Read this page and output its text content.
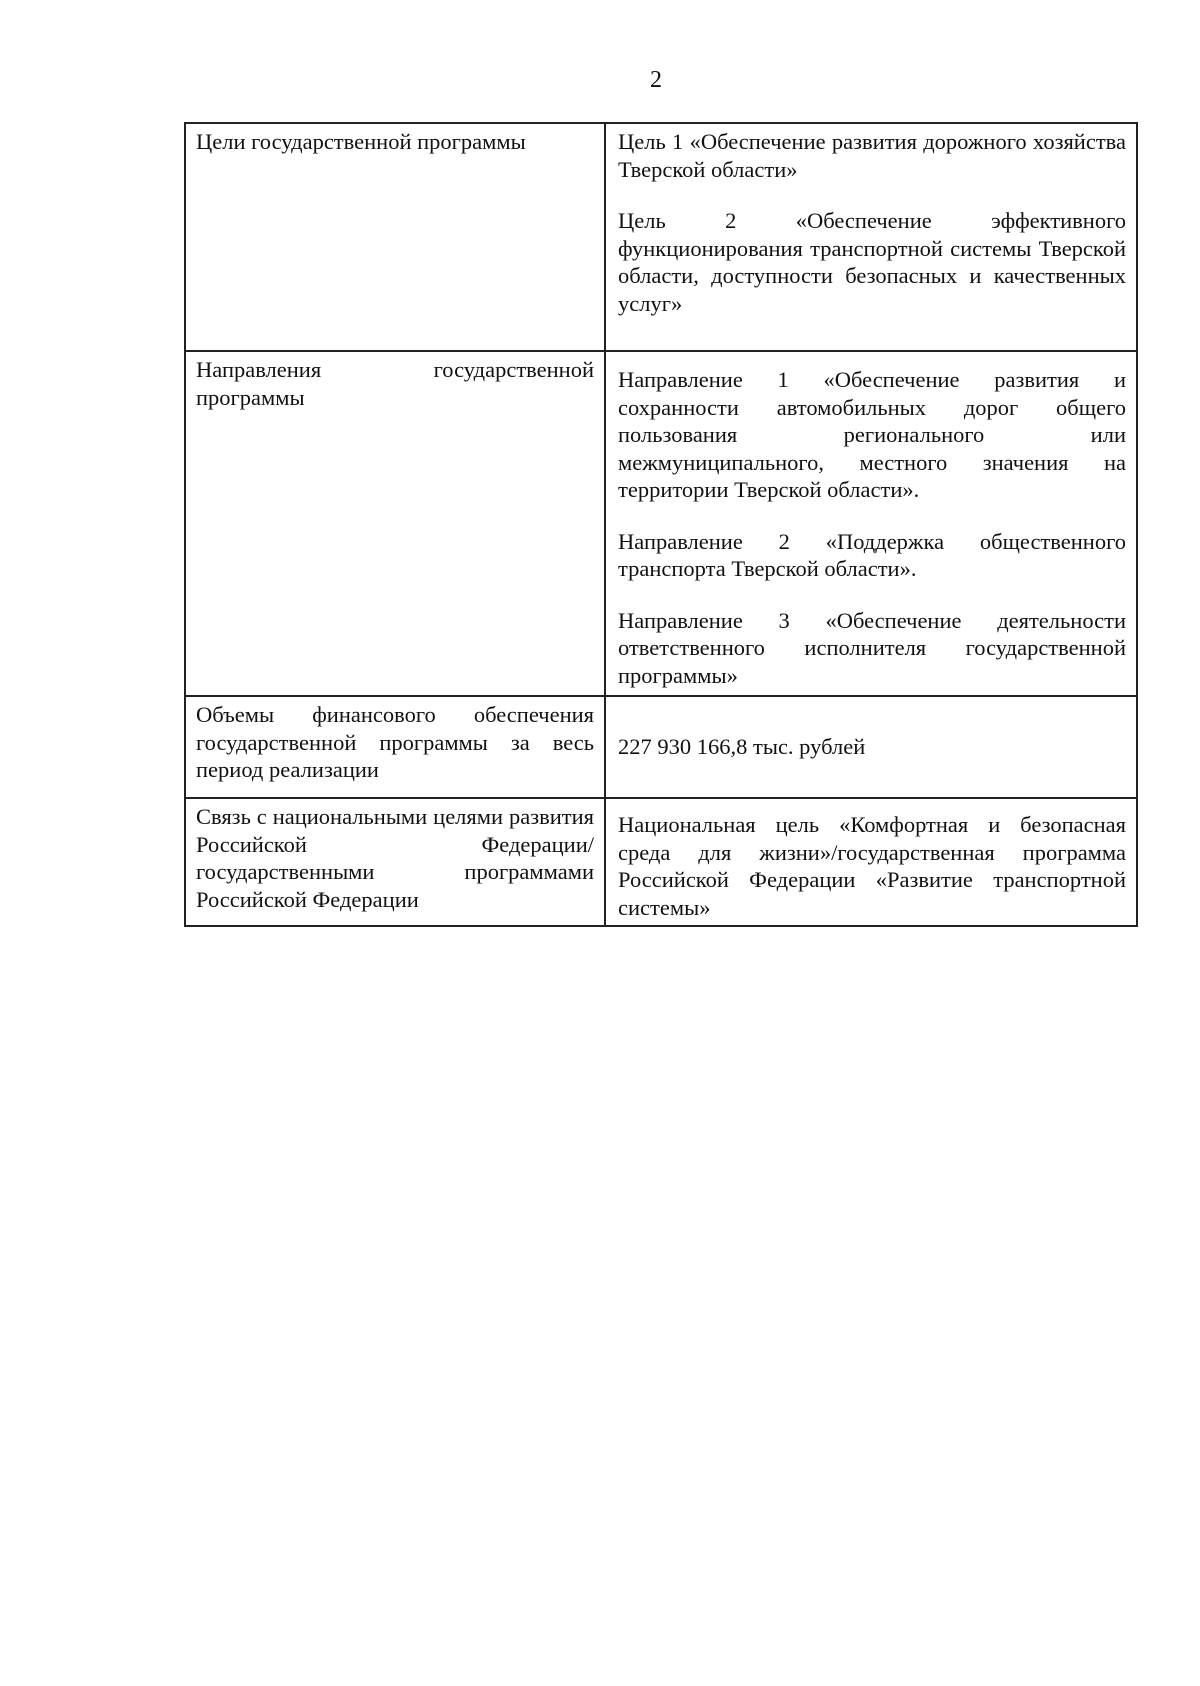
2

Цели государственной программы	Цель 1 «Обеспечение развития дорожного хозяйства Тверской области»

Цель 2 «Обеспечение эффективного функционирования транспортной системы Тверской области, доступности безопасных и качественных услуг»

Направления государственной программы	Направление 1 «Обеспечение развития и сохранности автомобильных дорог общего пользования регионального или межмуниципального, местного значения на территории Тверской области».

Направление 2 «Поддержка общественного транспорта Тверской области».

Направление 3 «Обеспечение деятельности ответственного исполнителя государственной программы»

Объемы финансового обеспечения государственной программы за весь период реализации	227 930 166,8 тыс. рублей

Связь с национальными целями развития Российской Федерации/ государственными программами Российской Федерации	Национальная цель «Комфортная и безопасная среда для жизни»/государственная программа Российской Федерации «Развитие транспортной системы»
